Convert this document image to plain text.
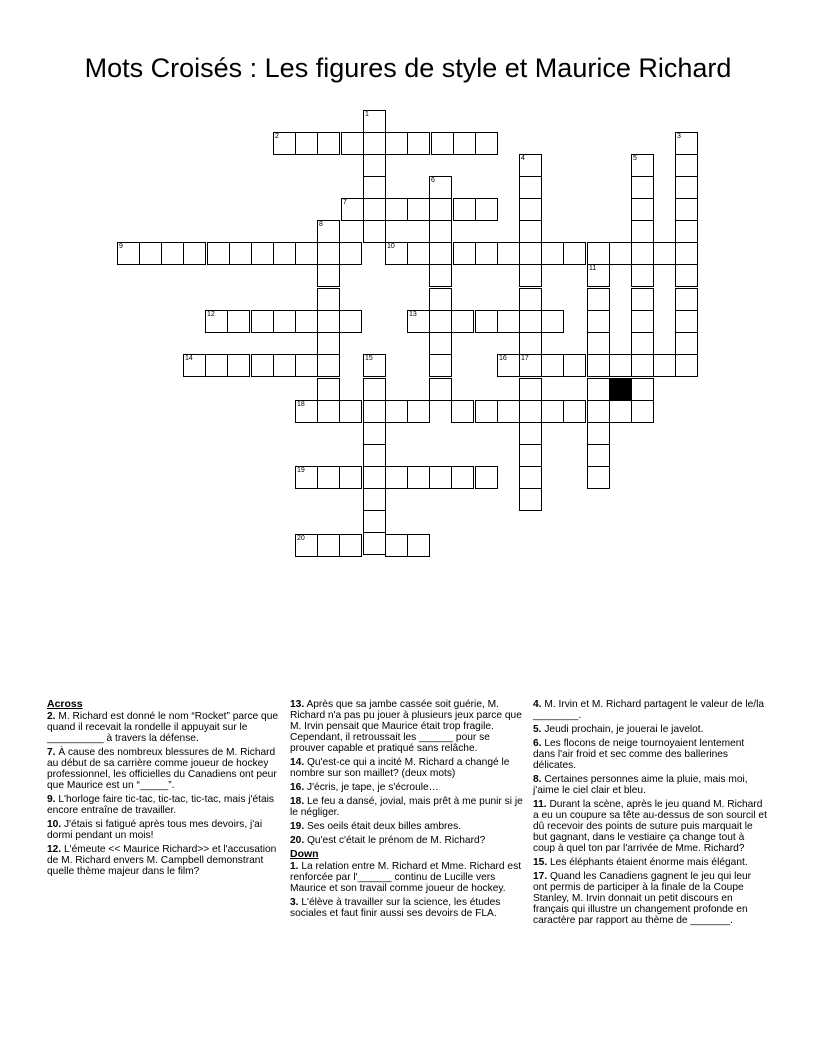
Mots Croisés : Les figures de style et Maurice Richard
1
2	3
4	5
6
7
8
9	10
11
12	13
14	15	16 17
18
19
20
Across

2. M. Richard est donné le nom “Rocket” parce que quand il recevait la rondelle il appuyait sur le __________ à travers la défense.

7. À cause des nombreux blessures de M. Richard au début de sa carrière comme joueur de hockey professionnel, les officielles du Canadiens ont peur que Maurice est un “_____”.

9. L'horloge faire tic-tac, tic-tac, tic-tac, mais j'étais encore entraîne de travailler.

10. J'étais si fatigué après tous mes devoirs, j'ai dormi pendant un mois!

12. L'émeute << Maurice Richard>> et l'accusation de M. Richard envers M. Campbell demonstrant quelle thème majeur dans le film?

13. Après que sa jambe cassée soit guérie, M. Richard n'a pas pu jouer à plusieurs jeux parce que M. Irvin pensait que Maurice était trop fragile. Cependant, il retroussait les ______ pour se prouver capable et pratiqué sans relâche.

14. Qu'est-ce qui a incité M. Richard a changé le nombre sur son maillet? (deux mots)

16. J'écris, je tape, je s'écroule…

18. Le feu a dansé, jovial, mais prêt à me punir si je le négliger.

19. Ses oeils était deux billes ambres.

20. Qu'est c'était le prénom de M. Richard?

Down

1. La relation entre M. Richard et Mme. Richard est renforcée par l'______ continu de Lucille vers Maurice et son travail comme joueur de hockey.

3. L'élève à travailler sur la science, les études sociales et faut finir aussi ses devoirs de FLA.

4. M. Irvin et M. Richard partagent le valeur de le/la ________.

5. Jeudi prochain, je jouerai le javelot.

6. Les flocons de neige tournoyaient lentement dans l'air froid et sec comme des ballerines délicates.

8. Certaines personnes aime la pluie, mais moi, j'aime le ciel clair et bleu.

11. Durant la scène, après le jeu quand M. Richard a eu un coupure sa tête au-dessus de son sourcil et dû recevoir des points de suture puis marquait le but gagnant, dans le vestiaire ça change tout à coup à quel ton par l'arrivée de Mme. Richard?

15. Les éléphants étaient énorme mais élégant.

17. Quand les Canadiens gagnent le jeu qui leur ont permis de participer à la finale de la Coupe Stanley, M. Irvin donnait un petit discours en français qui illustre un changement profonde en caractère par rapport au thème de _______.
